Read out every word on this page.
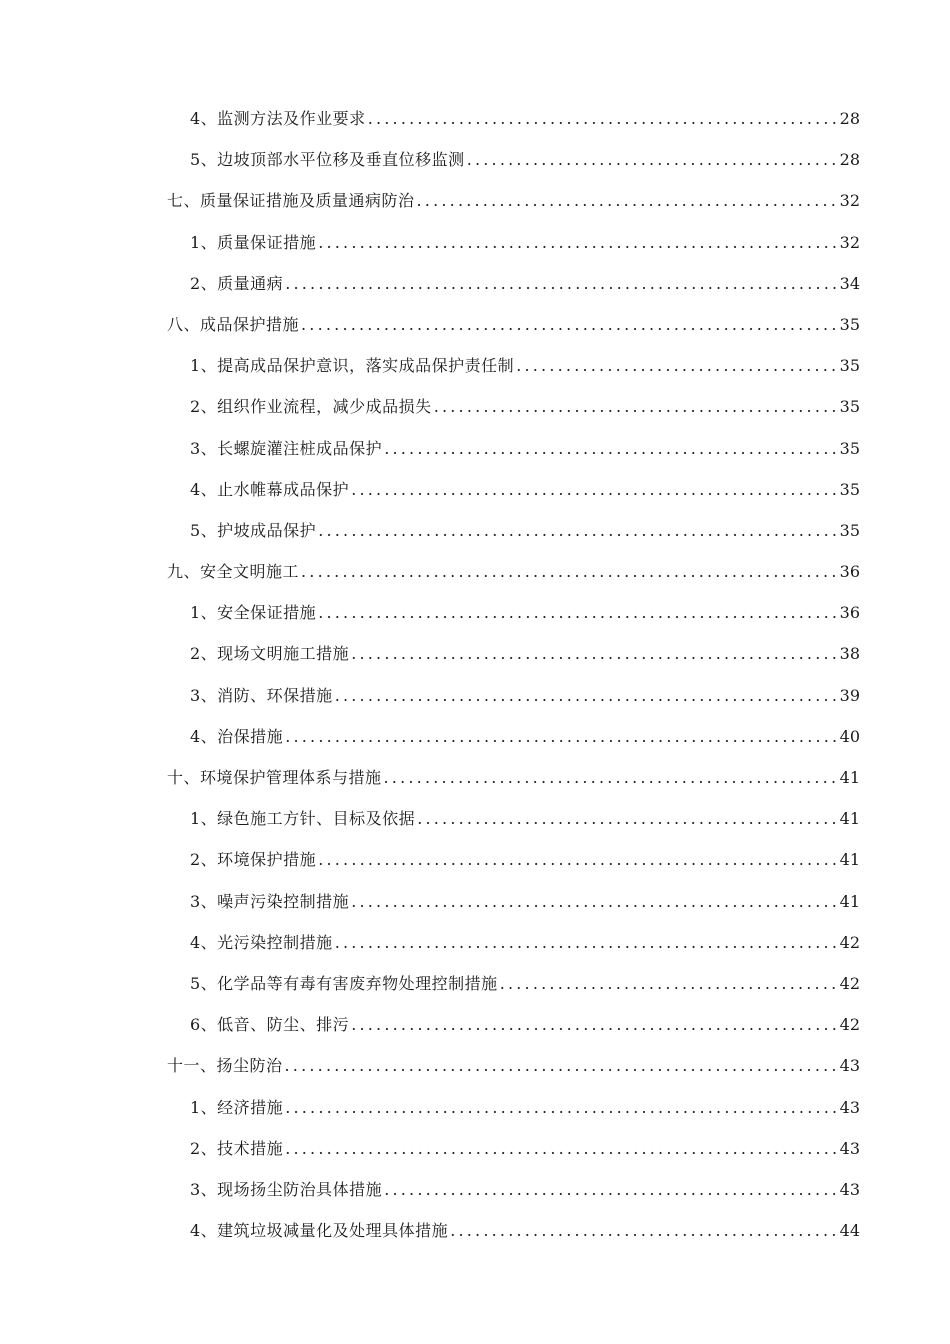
4、监测方法及作业要求 .....	28
5、边坡顶部水平位移及垂直位移监测 .....	28
七、质量保证措施及质量通病防治 .....	32
1、质量保证措施 .....	32
2、质量通病 .....	34
八、成品保护措施 .....	35
1、提高成品保护意识，落实成品保护责任制 .....	35
2、组织作业流程，减少成品损失 .....	35
3、长螺旋灌注桩成品保护 .....	35
4、止水帷幕成品保护 .....	35
5、护坡成品保护 .....	35
九、安全文明施工 .....	36
1、安全保证措施 .....	36
2、现场文明施工措施 .....	38
3、消防、环保措施 .....	39
4、治保措施 .....	40
十、环境保护管理体系与措施 .....	41
1、绿色施工方针、目标及依据 .....	41
2、环境保护措施 .....	41
3、噪声污染控制措施 .....	41
4、光污染控制措施 .....	42
5、化学品等有毒有害废弃物处理控制措施 .....	42
6、低音、防尘、排污 .....	42
十一、扬尘防治 .....	43
1、经济措施 .....	43
2、技术措施 .....	43
3、现场扬尘防治具体措施 .....	43
4、建筑垃圾减量化及处理具体措施 .....	44
